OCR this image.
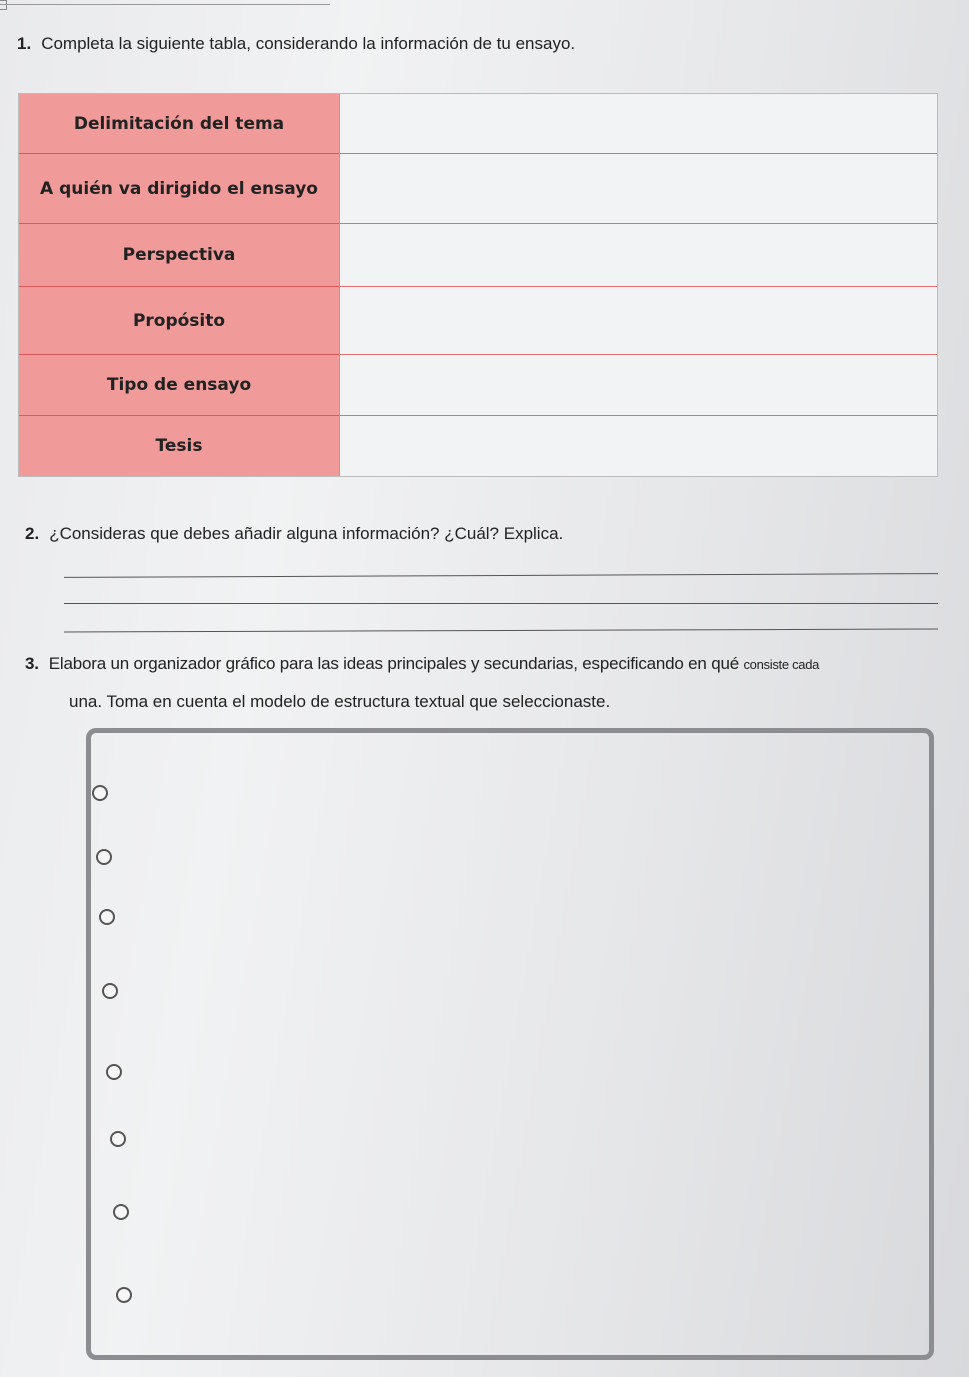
1. Completa la siguiente tabla, considerando la información de tu ensayo.
Delimitación del tema
A quién va dirigido el ensayo
Perspectiva
Propósito
Tipo de ensayo
Tesis
2. ¿Consideras que debes añadir alguna información? ¿Cuál? Explica.
3. Elabora un organizador gráfico para las ideas principales y secundarias, especificando en qué consiste cada
una. Toma en cuenta el modelo de estructura textual que seleccionaste.
